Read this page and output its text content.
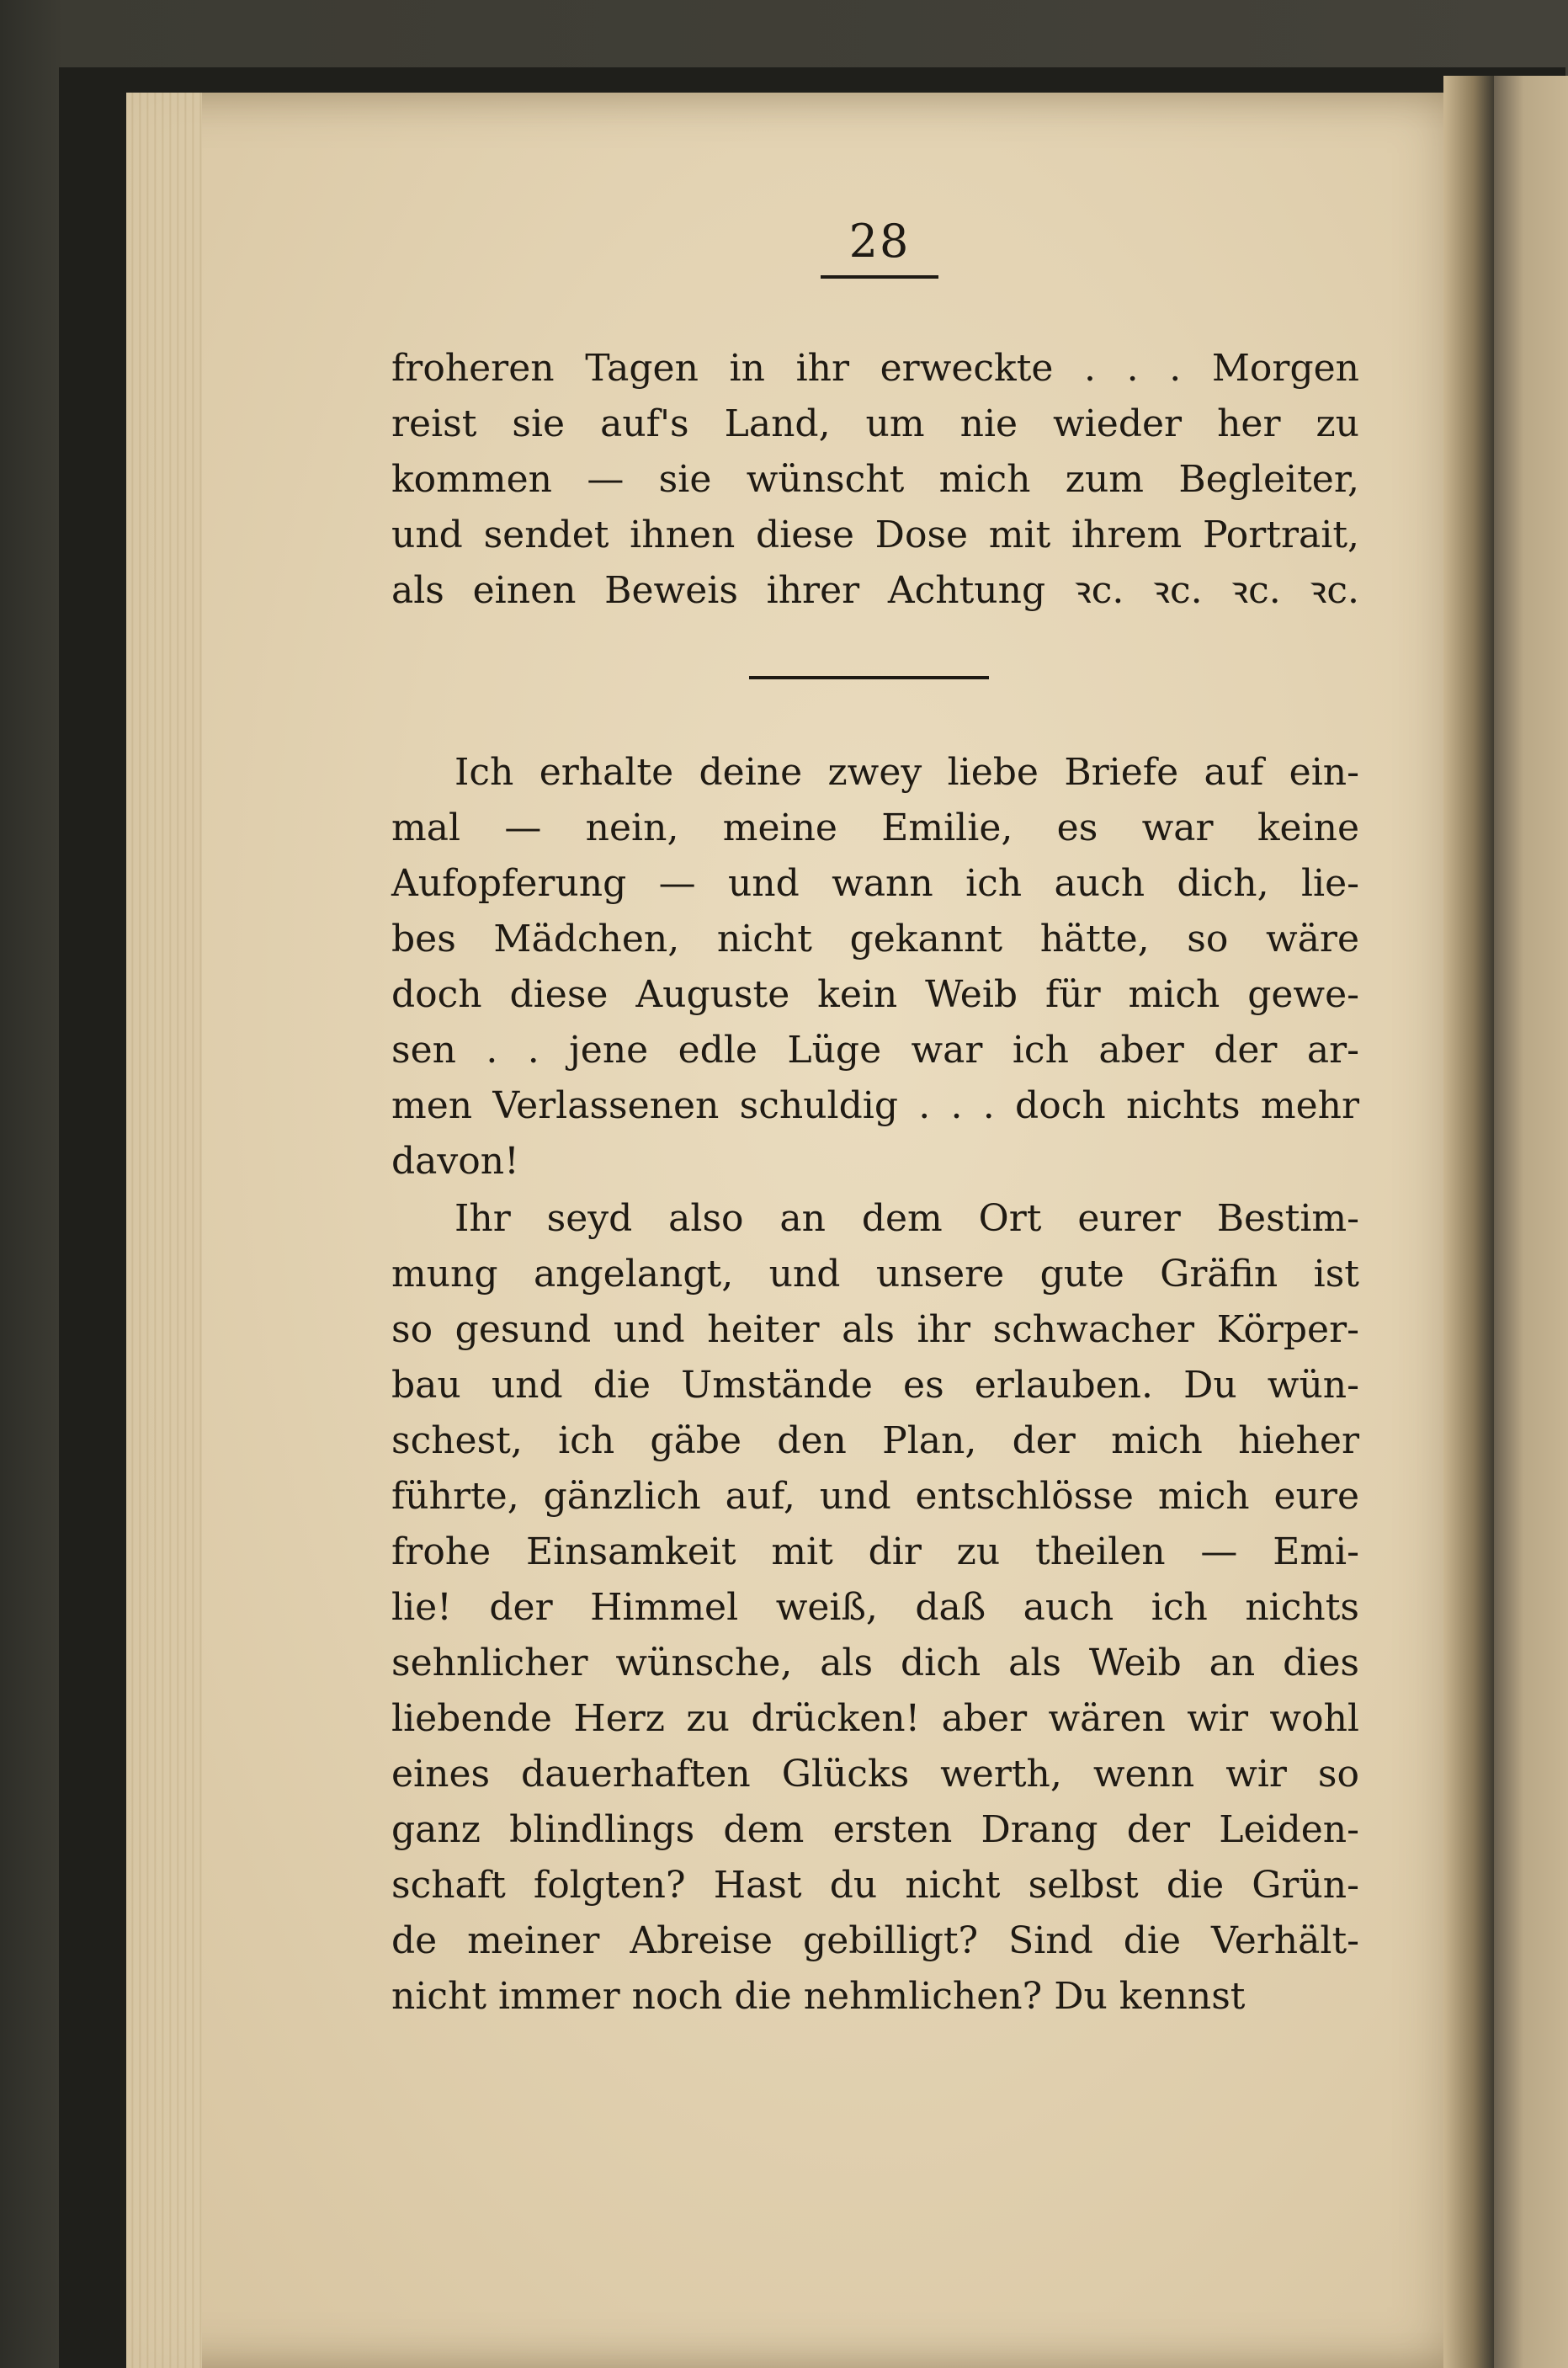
28
froheren Tagen in ihr erweckte . . . Morgen
reist sie auf's Land, um nie wieder her zu
kommen — sie wünscht mich zum Begleiter,
und sendet ihnen diese Dose mit ihrem Portrait,
als einen Beweis ihrer Achtung ꝛc. ꝛc. ꝛc. ꝛc.
Ich erhalte deine zwey liebe Briefe auf ein-
mal — nein, meine Emilie, es war keine
Aufopferung — und wann ich auch dich, lie-
bes Mädchen, nicht gekannt hätte, so wäre
doch diese Auguste kein Weib für mich gewe-
sen . . jene edle Lüge war ich aber der ar-
men Verlassenen schuldig . . . doch nichts mehr
davon!
Ihr seyd also an dem Ort eurer Bestim-
mung angelangt, und unsere gute Gräfin ist
so gesund und heiter als ihr schwacher Körper-
bau und die Umstände es erlauben. Du wün-
schest, ich gäbe den Plan, der mich hieher
führte, gänzlich auf, und entschlösse mich eure
frohe Einsamkeit mit dir zu theilen — Emi-
lie! der Himmel weiß, daß auch ich nichts
sehnlicher wünsche, als dich als Weib an dies
liebende Herz zu drücken! aber wären wir wohl
eines dauerhaften Glücks werth, wenn wir so
ganz blindlings dem ersten Drang der Leiden-
schaft folgten? Hast du nicht selbst die Grün-
de meiner Abreise gebilligt? Sind die Verhält-
nicht immer noch die nehmlichen? Du kennst
